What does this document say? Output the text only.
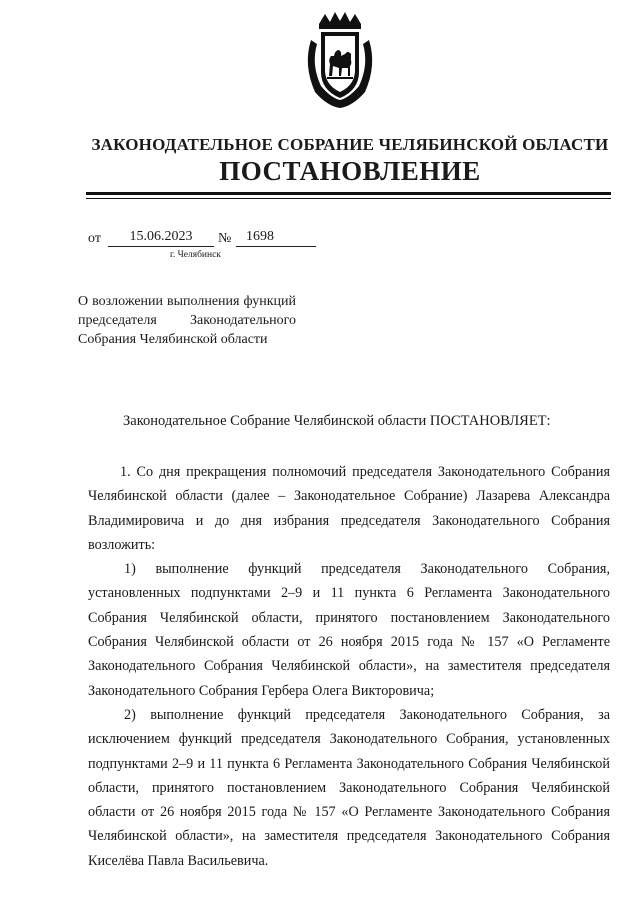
ЗАКОНОДАТЕЛЬНОЕ СОБРАНИЕ ЧЕЛЯБИНСКОЙ ОБЛАСТИ
ПОСТАНОВЛЕНИЕ
от	15.06.2023	№	1698
г. Челябинск
О возложении выполнения функций председателя Законодательного Собрания Челябинской области
Законодательное Собрание Челябинской области ПОСТАНОВЛЯЕТ:

1. Со дня прекращения полномочий председателя Законодательного Собрания Челябинской области (далее – Законодательное Собрание) Лазарева Александра Владимировича и до дня избрания председателя Законодательного Собрания возложить:

1) выполнение функций председателя Законодательного Собрания, установленных подпунктами 2–9 и 11 пункта 6 Регламента Законодательного Собрания Челябинской области, принятого постановлением Законодательного Собрания Челябинской области от 26 ноября 2015 года № 157 «О Регламенте Законодательного Собрания Челябинской области», на заместителя председателя Законодательного Собрания Гербера Олега Викторовича;

2) выполнение функций председателя Законодательного Собрания, за исключением функций председателя Законодательного Собрания, установленных подпунктами 2–9 и 11 пункта 6 Регламента Законодательного Собрания Челябинской области, принятого постановлением Законодательного Собрания Челябинской области от 26 ноября 2015 года № 157 «О Регламенте Законодательного Собрания Челябинской области», на заместителя председателя Законодательного Собрания Киселёва Павла Васильевича.
